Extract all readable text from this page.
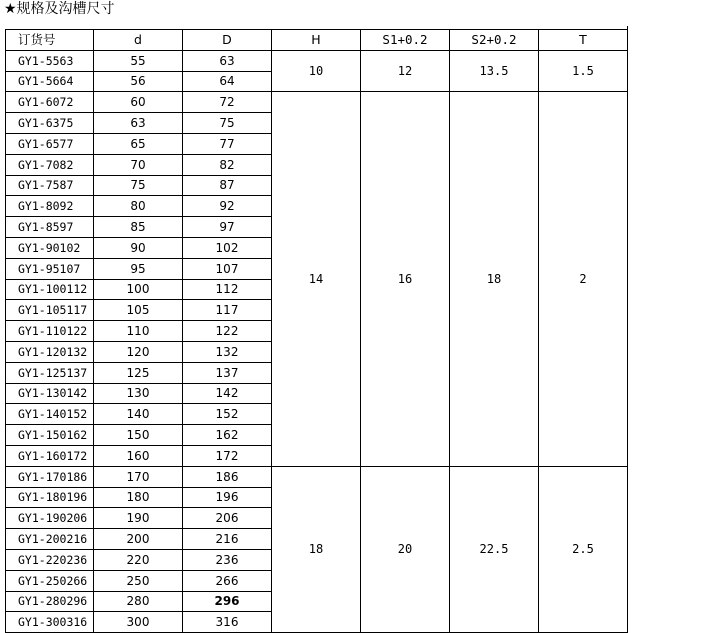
★规格及沟槽尺寸
订货号	d	D	H	S1+0.2	S2+0.2	T
GY1-5563	55	63	10	12	13.5	1.5
GY1-5664	56	64				
GY1-6072	60	72	14	16	18	2
GY1-6375	63	75				
GY1-6577	65	77				
GY1-7082	70	82				
GY1-7587	75	87				
GY1-8092	80	92				
GY1-8597	85	97				
GY1-90102	90	102				
GY1-95107	95	107				
GY1-100112	100	112				
GY1-105117	105	117				
GY1-110122	110	122				
GY1-120132	120	132				
GY1-125137	125	137				
GY1-130142	130	142				
GY1-140152	140	152				
GY1-150162	150	162				
GY1-160172	160	172				
GY1-170186	170	186	18	20	22.5	2.5
GY1-180196	180	196				
GY1-190206	190	206				
GY1-200216	200	216				
GY1-220236	220	236				
GY1-250266	250	266				
GY1-280296	280	296				
GY1-300316	300	316				
